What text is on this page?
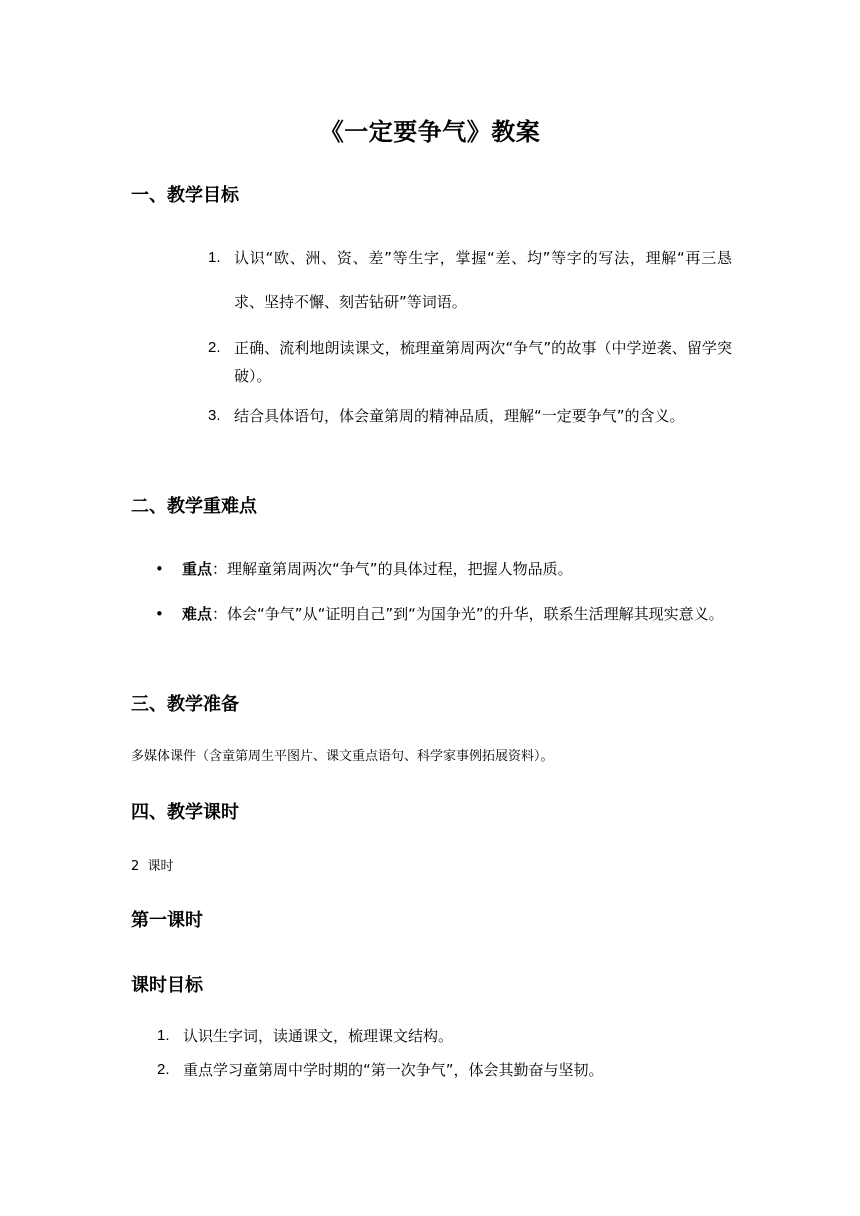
《一定要争气》教案
一、教学目标
1. 认识“欧、洲、资、差”等生字，掌握“差、均”等字的写法，理解“再三恳求、坚持不懈、刻苦钻研”等词语。
2. 正确、流利地朗读课文，梳理童第周两次“争气”的故事（中学逆袭、留学突破）。
3. 结合具体语句，体会童第周的精神品质，理解“一定要争气”的含义。
二、教学重难点
• 重点：理解童第周两次“争气”的具体过程，把握人物品质。
• 难点：体会“争气”从“证明自己”到“为国争光”的升华，联系生活理解其现实意义。
三、教学准备
多媒体课件（含童第周生平图片、课文重点语句、科学家事例拓展资料）。
四、教学课时
2  课时
第一课时
课时目标
1. 认识生字词，读通课文，梳理课文结构。
2. 重点学习童第周中学时期的“第一次争气”，体会其勤奋与坚韧。
